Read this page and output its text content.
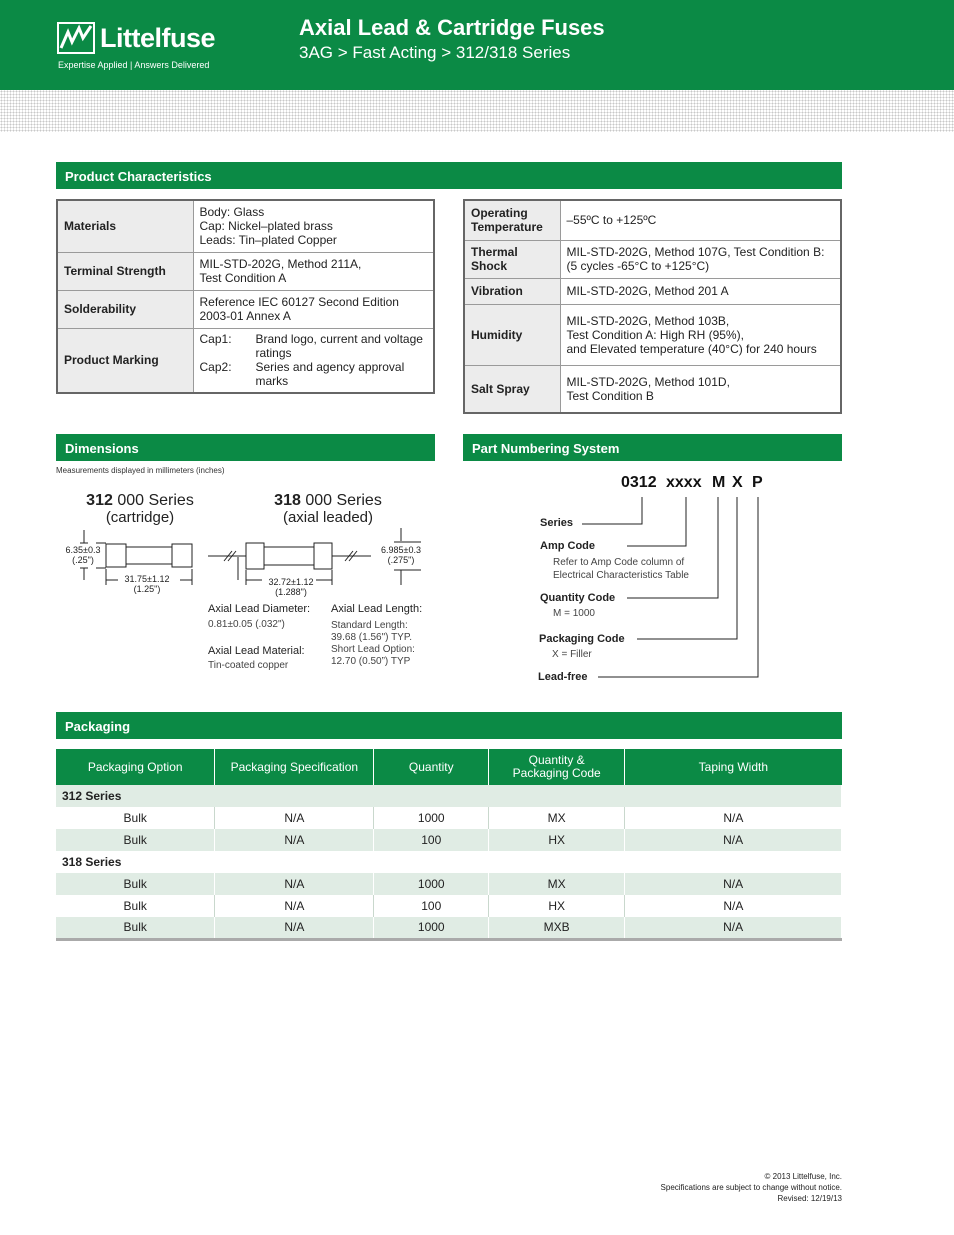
Littelfuse
Expertise Applied | Answers Delivered
Axial Lead & Cartridge Fuses
3AG > Fast Acting > 312/318 Series
Product Characteristics
Materials	Body: Glass
Cap: Nickel–plated brass
Leads: Tin–plated Copper

Terminal Strength	MIL-STD-202G, Method 211A,
Test Condition A

Solderability	Reference IEC 60127 Second Edition
2003-01 Annex A

Product Marking	Cap1: Brand logo, current and voltage ratings
Cap2: Series and agency approval marks
Operating Temperature	–55ºC to +125ºC
Thermal Shock	MIL-STD-202G, Method 107G, Test Condition B:
(5 cycles -65°C to +125°C)

Vibration	MIL-STD-202G, Method 201 A
Humidity	MIL-STD-202G, Method 103B,
Test Condition A: High RH (95%),
and Elevated temperature (40°C) for 240 hours

Salt Spray	MIL-STD-202G, Method 101D,
Test Condition B
Dimensions
Measurements displayed in millimeters (inches)
312 000 Series
(cartridge)
318 000 Series
(axial leaded)
6.35±0.3
(.25")
31.75±1.12
(1.25")
6.985±0.3
(.275")
32.72±1.12
(1.288")
Axial Lead Diameter:
0.81±0.05 (.032")
Axial Lead Material:
Tin-coated copper
Axial Lead Length:
Standard Length:
39.68 (1.56") TYP.
Short Lead Option:
12.70 (0.50”) TYP
Part Numbering System
0312 xxxx M X P
Series
Amp Code
Refer to Amp Code column of
Electrical Characteristics Table
Quantity Code
M = 1000
Packaging Code
X = Filler
Lead-free
Packaging
Packaging Option	Packaging Specification	Quantity	Quantity & Packaging Code	Taping Width
312 Series				
Bulk	N/A	1000	MX	N/A
Bulk	N/A	100	HX	N/A
318 Series				
Bulk	N/A	1000	MX	N/A
Bulk	N/A	100	HX	N/A
Bulk	N/A	1000	MXB	N/A
© 2013 Littelfuse, Inc.
Specifications are subject to change without notice.
Revised: 12/19/13
